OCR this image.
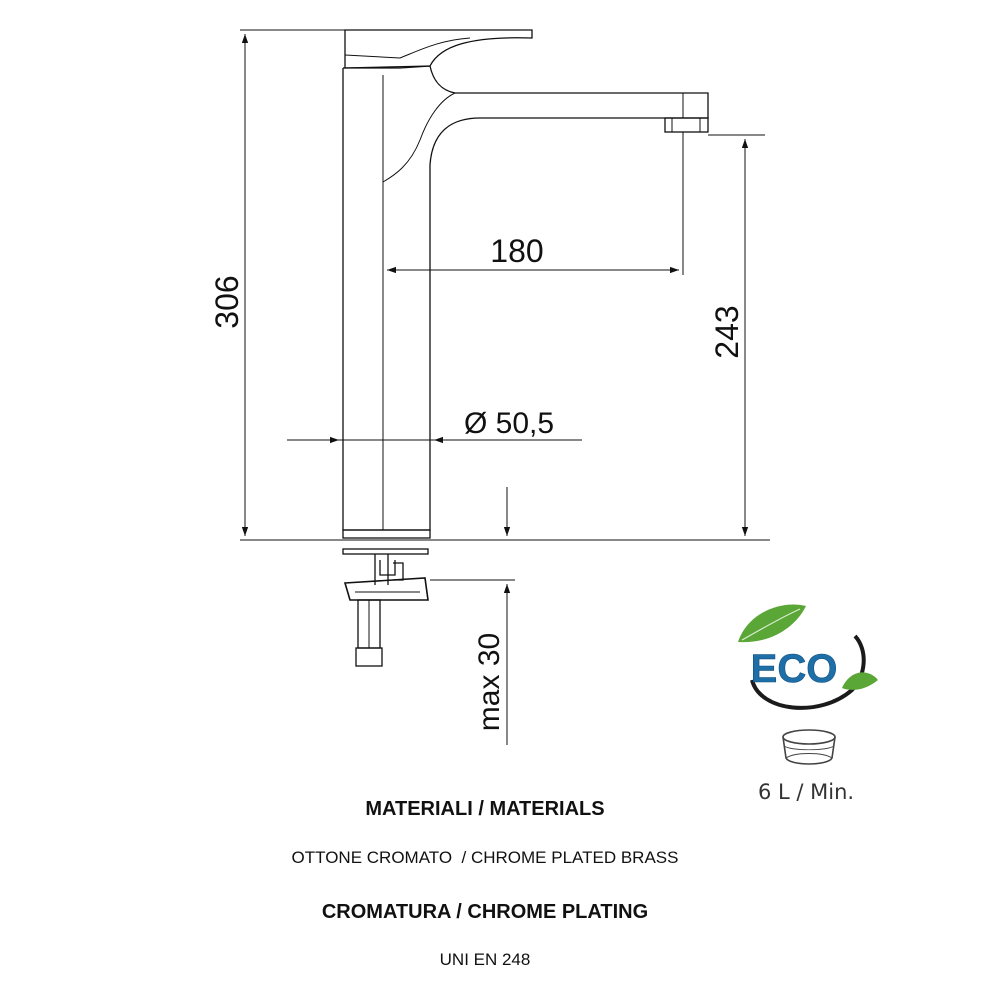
306
243
180
Ø 50,5
max 30	ECO
6 L / Min.
MATERIALI / MATERIALS
OTTONE CROMATO  / CHROME PLATED BRASS
CROMATURA / CHROME PLATING
UNI EN 248
